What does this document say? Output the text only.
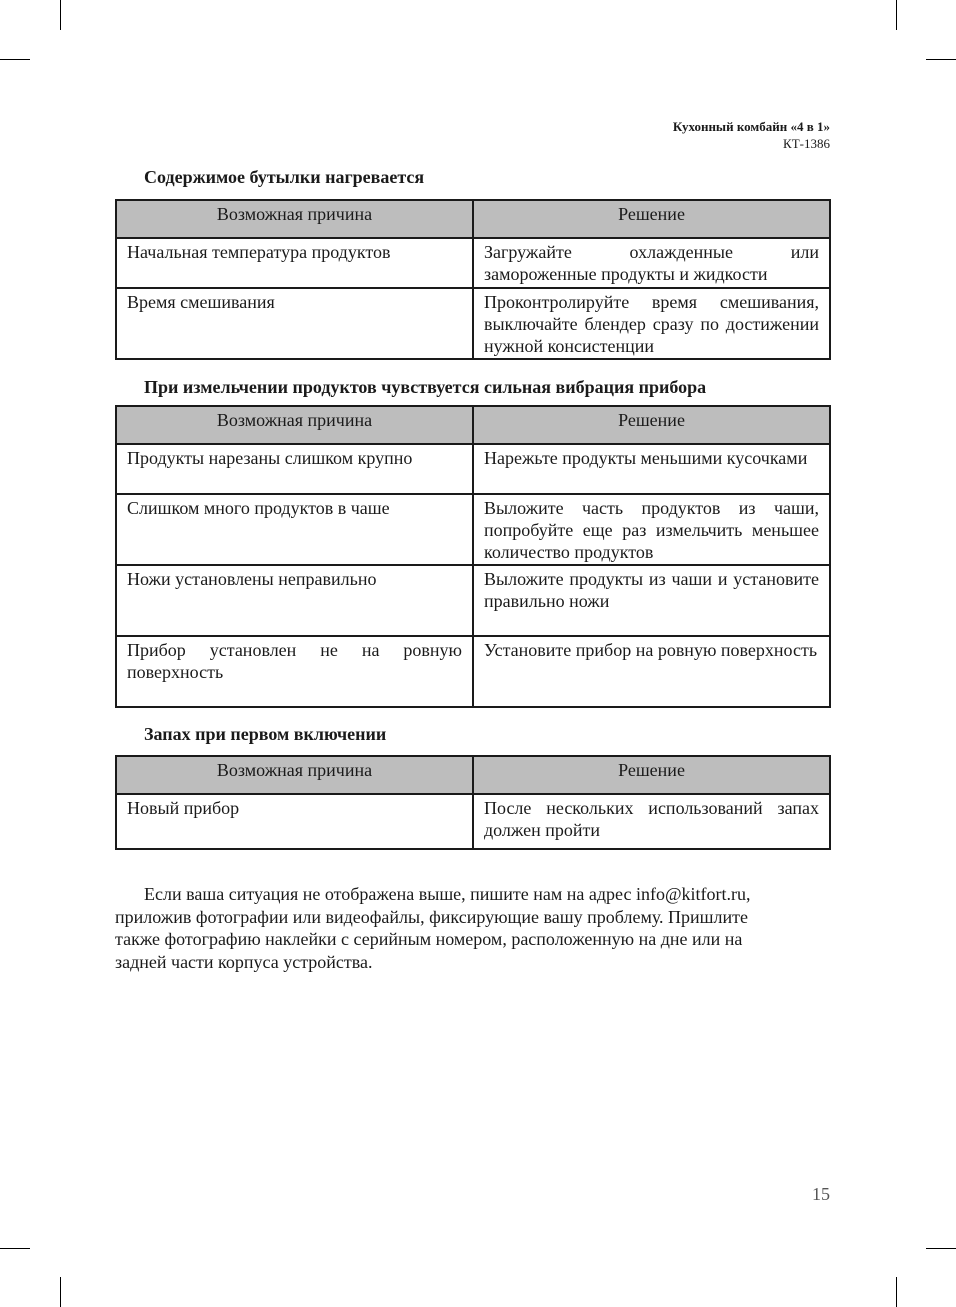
Кухонный комбайн «4 в 1»
КТ-1386
Содержимое бутылки нагревается
Возможная причина	Решение
Начальная температура продуктов	Загружайте охлажденные или замороженные продукты и жидкости
Время смешивания	Проконтролируйте время смешивания, выключайте блендер сразу по достижении нужной консистенции
При измельчении продуктов чувствуется сильная вибрация прибора
Возможная причина	Решение
Продукты нарезаны слишком крупно	Нарежьте продукты меньшими кусочками
Слишком много продуктов в чаше	Выложите часть продуктов из чаши, попробуйте еще раз измельчить меньшее количество продуктов
Ножи установлены неправильно	Выложите продукты из чаши и установите правильно ножи
Прибор установлен не на ровную поверхность	Установите прибор на ровную поверхность
Запах при первом включении
Возможная причина	Решение
Новый прибор	После нескольких использований запах должен пройти
Если ваша ситуация не отображена выше, пишите нам на адрес info@kitfort.ru,
приложив фотографии или видеофайлы, фиксирующие вашу проблему. Пришлите
также фотографию наклейки с серийным номером, расположенную на дне или на
задней части корпуса устройства.
15
